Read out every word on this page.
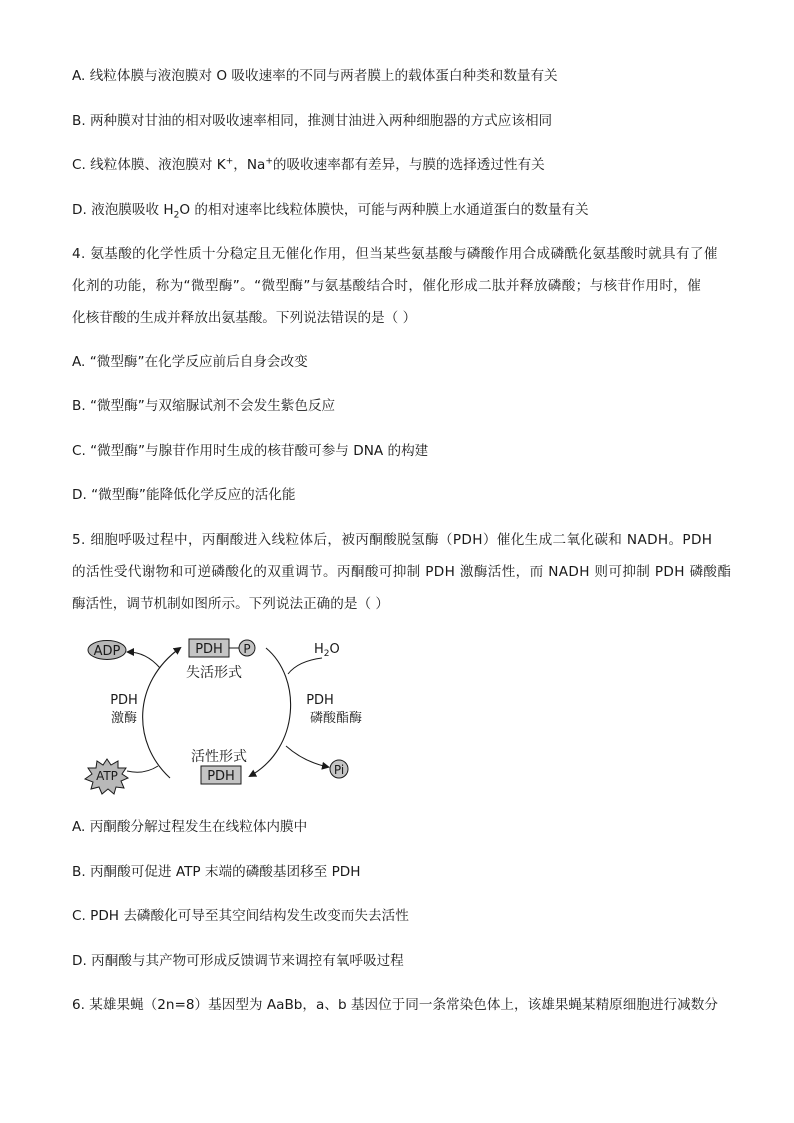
A. 线粒体膜与液泡膜对 O 吸收速率的不同与两者膜上的载体蛋白种类和数量有关
B. 两种膜对甘油的相对吸收速率相同，推测甘油进入两种细胞器的方式应该相同
C. 线粒体膜、液泡膜对 K+，Na+的吸收速率都有差异，与膜的选择透过性有关
D. 液泡膜吸收 $H_2O$ 的相对速率比线粒体膜快，可能与两种膜上水通道蛋白的数量有关
4. 氨基酸的化学性质十分稳定且无催化作用，但当某些氨基酸与磷酸作用合成磷酰化氨基酸时就具有了催
化剂的功能，称为“微型酶”。“微型酶”与氨基酸结合时，催化形成二肽并释放磷酸；与核苷作用时，催
化核苷酸的生成并释放出氨基酸。下列说法错误的是（ ）
A. “微型酶”在化学反应前后自身会改变
B. “微型酶”与双缩脲试剂不会发生紫色反应
C. “微型酶”与腺苷作用时生成的核苷酸可参与 DNA 的构建
D. “微型酶”能降低化学反应的活化能
5. 细胞呼吸过程中，丙酮酸进入线粒体后，被丙酮酸脱氢酶（PDH）催化生成二氧化碳和 NADH。PDH
的活性受代谢物和可逆磷酸化的双重调节。丙酮酸可抑制 PDH 激酶活性，而 NADH 则可抑制 PDH 磷酸酯
酶活性，调节机制如图所示。下列说法正确的是（ ）
ADP
ATP
PDH P
失活形式
活性形式
PDH
$H_2O$
Pi
PDH
激酶
PDH
磷酸酯酶
A. 丙酮酸分解过程发生在线粒体内膜中
B. 丙酮酸可促进 ATP 末端的磷酸基团移至 PDH
C. PDH 去磷酸化可导至其空间结构发生改变而失去活性
D. 丙酮酸与其产物可形成反馈调节来调控有氧呼吸过程
6. 某雄果蝇（2n=8）基因型为 AaBb，a、b 基因位于同一条常染色体上，该雄果蝇某精原细胞进行减数分
